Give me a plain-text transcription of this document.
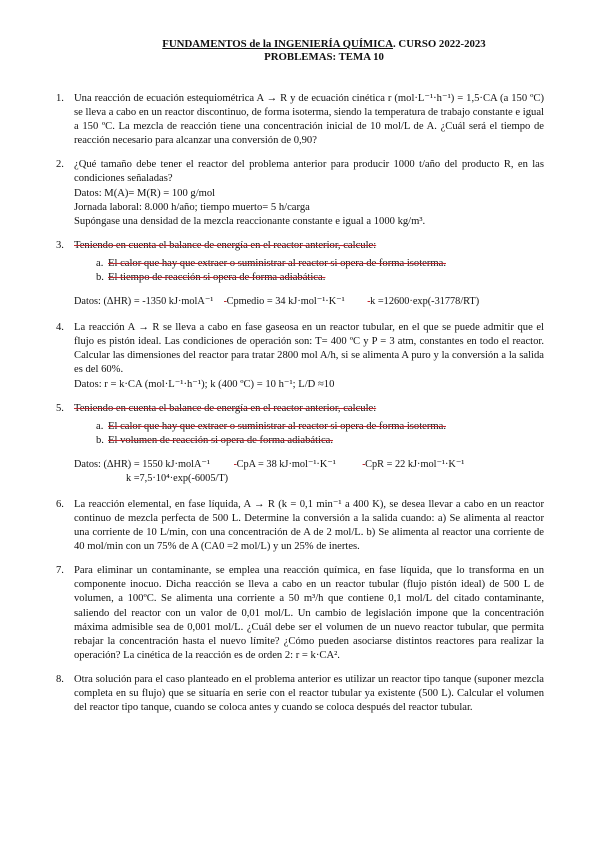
FUNDAMENTOS de la INGENIERÍA QUÍMICA. CURSO 2022-2023
PROBLEMAS: TEMA 10
1. Una reacción de ecuación estequiométrica A → R y de ecuación cinética r (mol·L⁻¹·h⁻¹) = 1,5·CA (a 150 ºC) se lleva a cabo en un reactor discontinuo, de forma isoterma, siendo la temperatura de trabajo constante e igual a 150 ºC. La mezcla de reacción tiene una concentración inicial de 10 mol/L de A. ¿Cuál será el tiempo de reacción necesario para alcanzar una conversión de 0,90?
2. ¿Qué tamaño debe tener el reactor del problema anterior para producir 1000 t/año del producto R, en las condiciones señaladas?
Datos: M(A)= M(R) = 100 g/mol
Jornada laboral: 8.000 h/año; tiempo muerto= 5 h/carga
Supóngase una densidad de la mezcla reaccionante constante e igual a 1000 kg/m³.
3. Teniendo en cuenta el balance de energía en el reactor anterior, calcule:
a. El calor que hay que extraer o suministrar al reactor si opera de forma isoterma.
b. El tiempo de reacción si opera de forma adiabática.
Datos: (ΔHR) = -1350 kJ·molA⁻¹ Cpmedio = 34 kJ·mol⁻¹·K⁻¹ k =12600·exp(-31778/RT)
4. La reacción A → R se lleva a cabo en fase gaseosa en un reactor tubular, en el que se puede admitir que el flujo es pistón ideal. Las condiciones de operación son: T= 400 ºC y P = 3 atm, constantes en todo el reactor. Calcular las dimensiones del reactor para tratar 2800 mol A/h, si se alimenta A puro y la conversión a la salida es del 60%.
Datos: r = k·CA (mol·L⁻¹·h⁻¹); k (400 ºC) = 10 h⁻¹; L/D ≈10
5. Teniendo en cuenta el balance de energía en el reactor anterior, calcule:
a. El calor que hay que extraer o suministrar al reactor si opera de forma isoterma.
b. El volumen de reacción si opera de forma adiabática.
Datos: (ΔHR) = 1550 kJ·molA⁻¹	CpA = 38 kJ·mol⁻¹·K⁻¹	CpR = 22 kJ·mol⁻¹·K⁻¹
k =7,5·10⁴·exp(-6005/T)
6. La reacción elemental, en fase líquida, A → R (k = 0,1 min⁻¹ a 400 K), se desea llevar a cabo en un reactor continuo de mezcla perfecta de 500 L. Determine la conversión a la salida cuando: a) Se alimenta al reactor una corriente de 10 L/min, con una concentración de A de 2 mol/L. b) Se alimenta al reactor una corriente de 40 mol/min con un 75% de A (CA0 =2 mol/L) y un 25% de inertes.
7. Para eliminar un contaminante, se emplea una reacción química, en fase líquida, que lo transforma en un componente inocuo. Dicha reacción se lleva a cabo en un reactor tubular (flujo pistón ideal) de 500 L de volumen, a 100ºC. Se alimenta una corriente a 50 m³/h que contiene 0,1 mol/L del citado contaminante, saliendo del reactor con un valor de 0,01 mol/L. Un cambio de legislación impone que la concentración máxima admisible sea de 0,001 mol/L. ¿Cuál debe ser el volumen de un nuevo reactor tubular, que permita rebajar la concentración hasta el nuevo límite? ¿Cómo pueden asociarse distintos reactores para realizar la operación? La cinética de la reacción es de orden 2: r = k·CA².
8. Otra solución para el caso planteado en el problema anterior es utilizar un reactor tipo tanque (suponer mezcla completa en su flujo) que se situaría en serie con el reactor tubular ya existente (500 L). Calcular el volumen del reactor tipo tanque, cuando se coloca antes y cuando se coloca después del reactor tubular.
